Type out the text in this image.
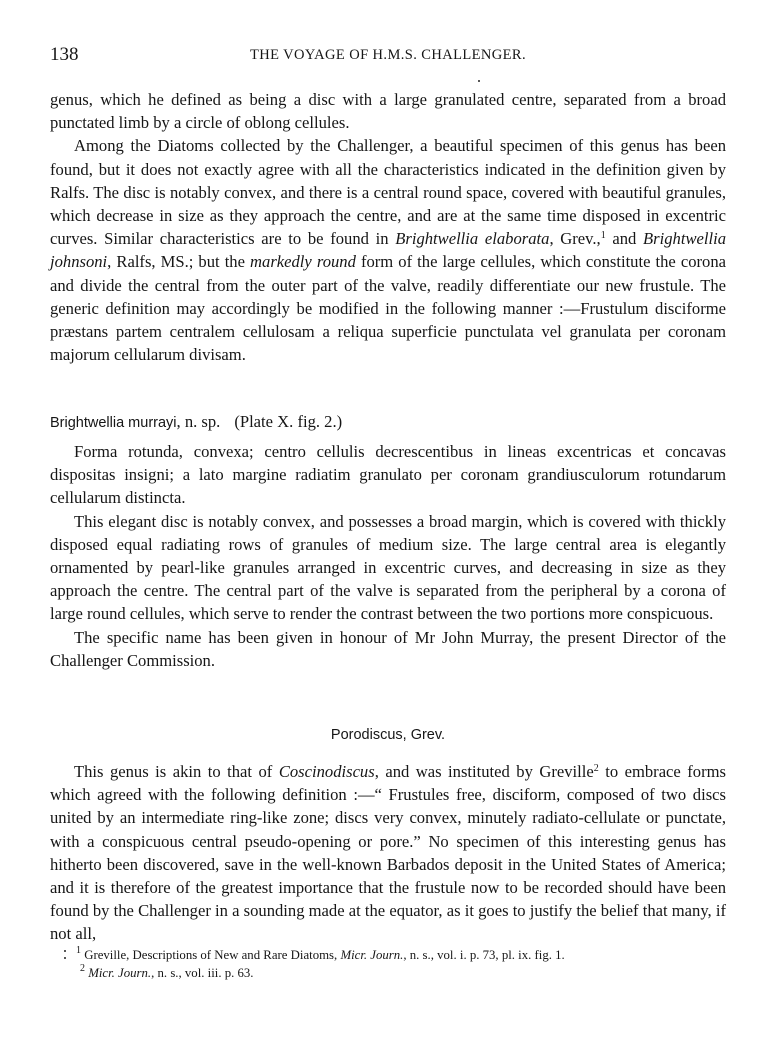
138	THE VOYAGE OF H.M.S. CHALLENGER.

genus, which he defined as being a disc with a large granulated centre, separated from a broad punctated limb by a circle of oblong cellules.

Among the Diatoms collected by the Challenger, a beautiful specimen of this genus has been found, but it does not exactly agree with all the characteristics indicated in the definition given by Ralfs. The disc is notably convex, and there is a central round space, covered with beautiful granules, which decrease in size as they approach the centre, and are at the same time disposed in excentric curves. Similar characteristics are to be found in Brightwellia elaborata, Grev.,$^1$ and Brightwellia johnsoni, Ralfs, MS.; but the markedly round form of the large cellules, which constitute the corona and divide the central from the outer part of the valve, readily differentiate our new frustule. The generic definition may accordingly be modified in the following manner :—Frustulum disciforme præstans partem centralem cellulosam a reliqua superficie punctulata vel granulata per coronam majorum cellularum divisam.

Brightwellia murrayi, n. sp. (Plate X. fig. 2.)

Forma rotunda, convexa; centro cellulis decrescentibus in lineas excentricas et concavas dispositas insigni; a lato margine radiatim granulato per coronam grandiusculorum rotundarum cellularum distincta.

This elegant disc is notably convex, and possesses a broad margin, which is covered with thickly disposed equal radiating rows of granules of medium size. The large central area is elegantly ornamented by pearl-like granules arranged in excentric curves, and decreasing in size as they approach the centre. The central part of the valve is separated from the peripheral by a corona of large round cellules, which serve to render the contrast between the two portions more conspicuous.

The specific name has been given in honour of Mr John Murray, the present Director of the Challenger Commission.

Porodiscus, Grev.

This genus is akin to that of Coscinodiscus, and was instituted by Greville$^2$ to embrace forms which agreed with the following definition :—“ Frustules free, disciform, composed of two discs united by an intermediate ring-like zone; discs very convex, minutely radiato-cellulate or punctate, with a conspicuous central pseudo-opening or pore.” No specimen of this interesting genus has hitherto been discovered, save in the well-known Barbados deposit in the United States of America; and it is therefore of the greatest importance that the frustule now to be recorded should have been found by the Challenger in a sounding made at the equator, as it goes to justify the belief that many, if not all,

$^1$ Greville, Descriptions of New and Rare Diatoms, Micr. Journ., n. s., vol. i. p. 73, pl. ix. fig. 1.

$^2$ Micr. Journ., n. s., vol. iii. p. 63.
